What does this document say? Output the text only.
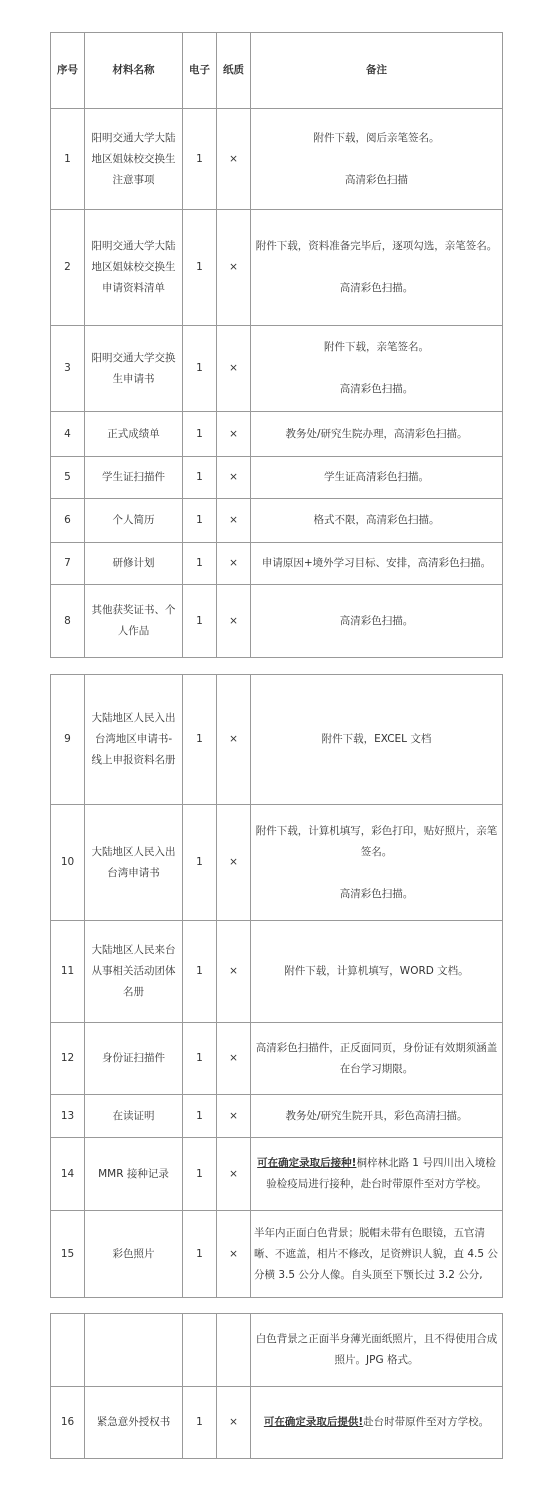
序号	材料名称	电子	纸质	备注
1	阳明交通大学大陆地区姐妹校交换生注意事项	1	×	附件下载，阅后亲笔签名。
高清彩色扫描
2	阳明交通大学大陆地区姐妹校交换生申请资料清单	1	×	附件下载，资料准备完毕后，逐项勾选，亲笔签名。
高清彩色扫描。
3	阳明交通大学交换生申请书	1	×	附件下载，亲笔签名。
高清彩色扫描。
4	正式成绩单	1	×	教务处/研究生院办理，高清彩色扫描。
5	学生证扫描件	1	×	学生证高清彩色扫描。
6	个人简历	1	×	格式不限，高清彩色扫描。
7	研修计划	1	×	申请原因+境外学习目标、安排，高清彩色扫描。
8	其他获奖证书、个人作品	1	×	高清彩色扫描。
9	大陆地区人民入出台湾地区申请书-线上申报资料名册	1	×	附件下载，EXCEL 文档
10	大陆地区人民入出台湾申请书	1	×	附件下载，计算机填写，彩色打印，贴好照片，亲笔签名。
高清彩色扫描。
11	大陆地区人民来台从事相关活动团体名册	1	×	附件下载，计算机填写，WORD 文档。
12	身份证扫描件	1	×	高清彩色扫描件，正反面同页，身份证有效期须涵盖在台学习期限。
13	在读证明	1	×	教务处/研究生院开具，彩色高清扫描。
14	MMR 接种记录	1	×	可在确定录取后接种!桐梓林北路 1 号四川出入境检验检疫局进行接种，赴台时带原件至对方学校。
15	彩色照片	1	×	半年内正面白色背景；脱帽未带有色眼镜，五官清晰、不遮盖，相片不修改，足资辨识人貌，直 4.5 公分横 3.5 公分人像。自头顶至下颚长过 3.2 公分,
				白色背景之正面半身薄光面纸照片，且不得使用合成照片。JPG 格式。
16	紧急意外授权书	1	×	可在确定录取后提供!赴台时带原件至对方学校。
